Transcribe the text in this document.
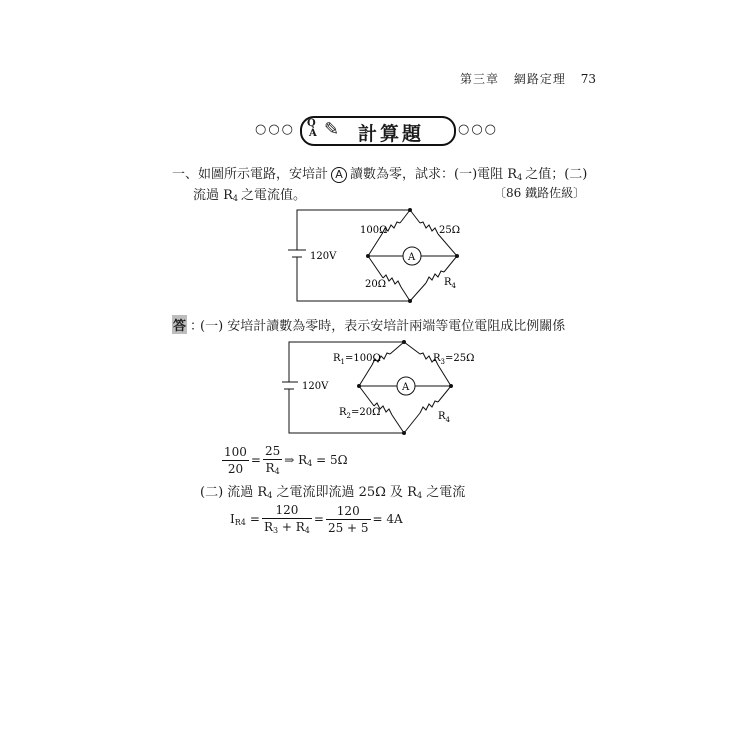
第三章 網路定理 73
○○○ Q
A ✎ 計算題	○○○
一、如圖所示電路，安培計 A 讀數為零，試求：(一)電阻 $R_4$ 之值；(二)
流過 $R_4$ 之電流值。	〔86 鐵路佐級〕
A
120V
100Ω	25Ω
20Ω	$R_4$
答 ：
(一) 安培計讀數為零時，表示安培計兩端等電位電阻成比例關係
A
120V
$R_1=100\Omega$	$R_3=25\Omega$
$R_2=20\Omega$	$R_4$
$\frac{100}{20} = \frac{25}{R_4}$ ⇒ $R_4 = 5\Omega$
(二) 流過 $R_4$ 之電流即流過 25Ω 及 $R_4$ 之電流
$I_{R4} = \frac{120}{R_3 + R_4} = \frac{120}{25 + 5} = 4A$
